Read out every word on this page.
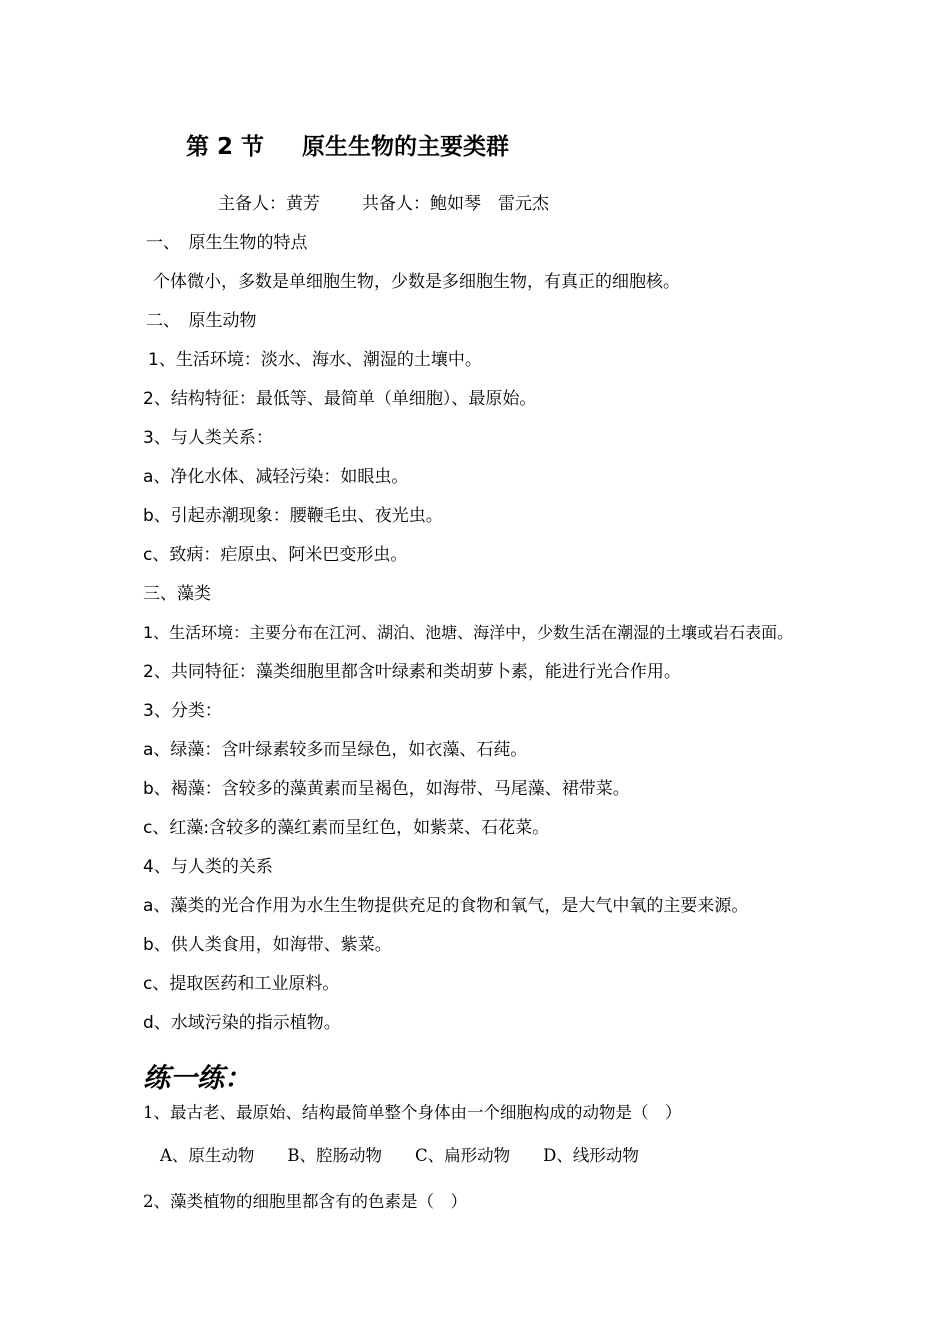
第 2 节 原生生物的主要类群
主备人：黄芳 共备人：鲍如琴　雷元杰
一、　原生生物的特点
个体微小，多数是单细胞生物，少数是多细胞生物，有真正的细胞核。
二、　原生动物
1、生活环境：淡水、海水、潮湿的土壤中。
2、结构特征：最低等、最简单（单细胞）、最原始。
3、与人类关系：
a、净化水体、减轻污染：如眼虫。
b、引起赤潮现象：腰鞭毛虫、夜光虫。
c、致病：疟原虫、阿米巴变形虫。
三、藻类
1、生活环境：主要分布在江河、湖泊、池塘、海洋中，少数生活在潮湿的土壤或岩石表面。
2、共同特征：藻类细胞里都含叶绿素和类胡萝卜素，能进行光合作用。
3、分类：
a、绿藻：含叶绿素较多而呈绿色，如衣藻、石莼。
b、褐藻：含较多的藻黄素而呈褐色，如海带、马尾藻、裙带菜。
c、红藻:含较多的藻红素而呈红色，如紫菜、石花菜。
4、与人类的关系
a、藻类的光合作用为水生生物提供充足的食物和氧气，是大气中氧的主要来源。
b、供人类食用，如海带、紫菜。
c、提取医药和工业原料。
d、水域污染的指示植物。
练一练：
1、最古老、最原始、结构最简单整个身体由一个细胞构成的动物是（　）
A、原生动物　　B、腔肠动物　　C、扁形动物　　D、线形动物
2、藻类植物的细胞里都含有的色素是（　）
